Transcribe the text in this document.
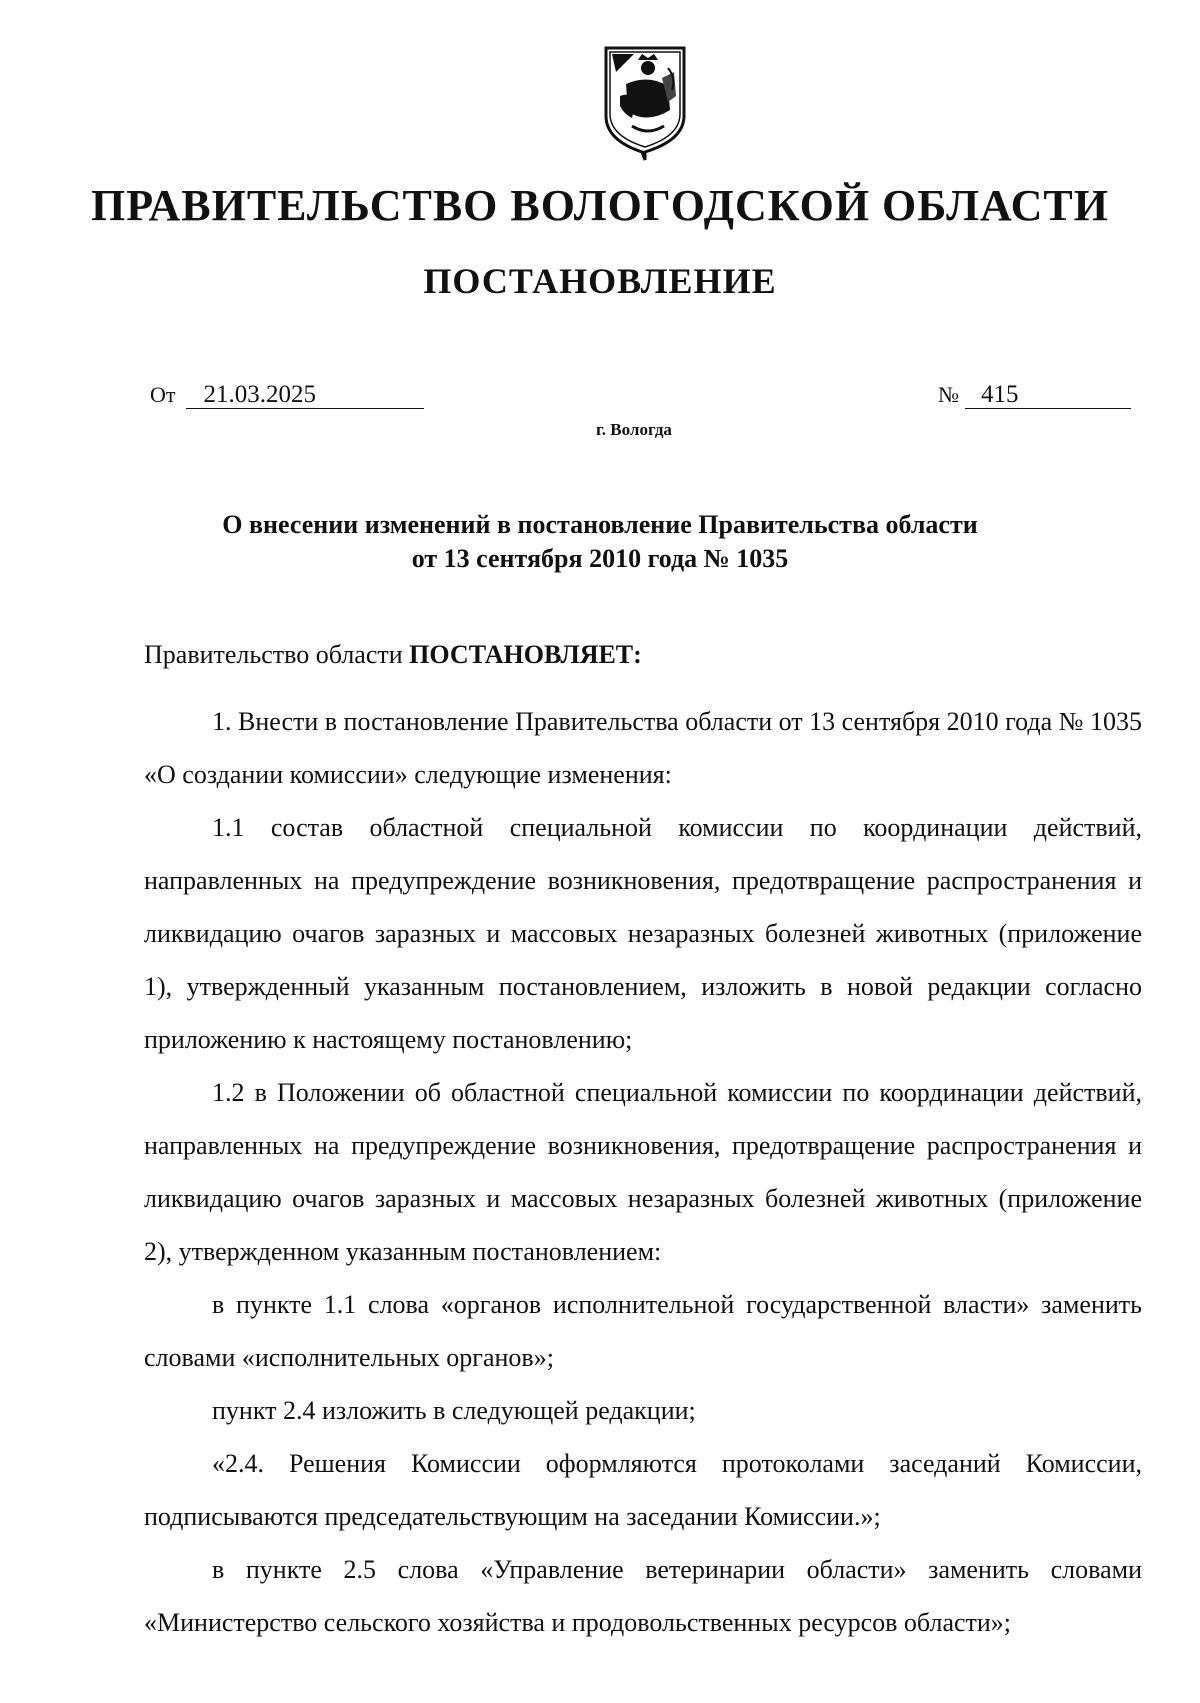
ПРАВИТЕЛЬСТВО ВОЛОГОДСКОЙ ОБЛАСТИ
ПОСТАНОВЛЕНИЕ
От 21.03.2025	№ 415
г. Вологда
О внесении изменений в постановление Правительства области
от 13 сентября 2010 года № 1035

Правительство области ПОСТАНОВЛЯЕТ:

1. Внести в постановление Правительства области от 13 сентября 2010 года № 1035 «О создании комиссии» следующие изменения:

1.1 состав областной специальной комиссии по координации действий, направленных на предупреждение возникновения, предотвращение распространения и ликвидацию очагов заразных и массовых незаразных болезней животных (приложение 1), утвержденный указанным постановлением, изложить в новой редакции согласно приложению к настоящему постановлению;

1.2 в Положении об областной специальной комиссии по координации действий, направленных на предупреждение возникновения, предотвращение распространения и ликвидацию очагов заразных и массовых незаразных болезней животных (приложение 2), утвержденном указанным постановлением:

в пункте 1.1 слова «органов исполнительной государственной власти» заменить словами «исполнительных органов»;

пункт 2.4 изложить в следующей редакции;

«2.4. Решения Комиссии оформляются протоколами заседаний Комиссии, подписываются председательствующим на заседании Комиссии.»;

в пункте 2.5 слова «Управление ветеринарии области» заменить словами «Министерство сельского хозяйства и продовольственных ресурсов области»;
